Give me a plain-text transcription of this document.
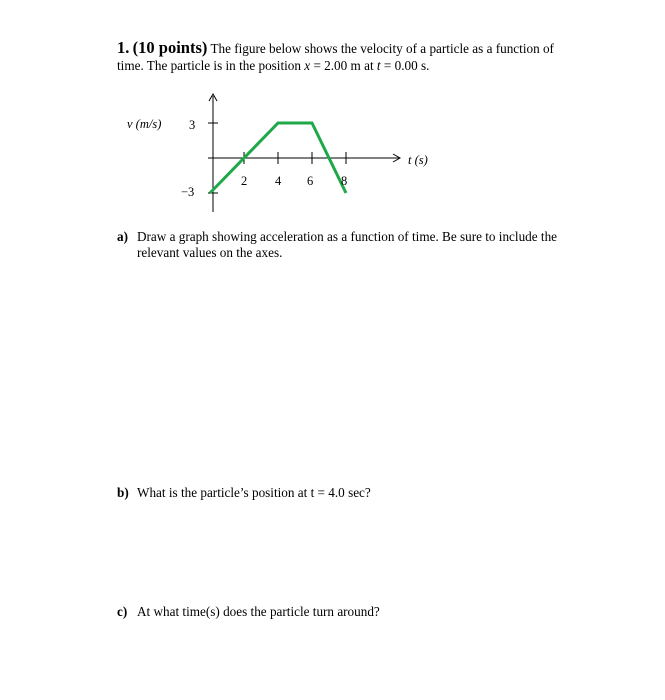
1. (10 points) The figure below shows the velocity of a particle as a function of
time. The particle is in the position x = 2.00 m at t = 0.00 s.
v (m/s) 3
−3
2 4 6 8
t (s)
a) Draw a graph showing acceleration as a function of time. Be sure to include the
relevant values on the axes.
b) What is the particle’s position at t = 4.0 sec?
c) At what time(s) does the particle turn around?
